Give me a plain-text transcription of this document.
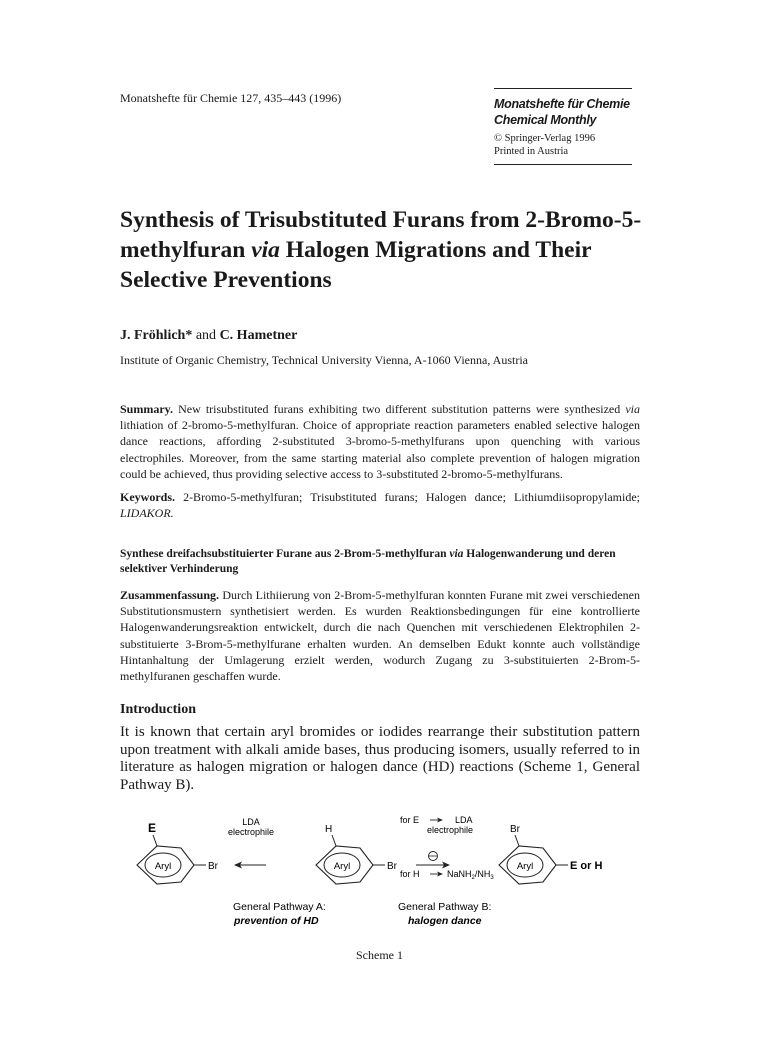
Monatshefte für Chemie 127, 435–443 (1996)	Monatshefte für Chemie
Chemical Monthly
© Springer-Verlag 1996
Printed in Austria
Synthesis of Trisubstituted Furans from 2-Bromo-5-methylfuran via Halogen Migrations and Their Selective Preventions
J. Fröhlich* and C. Hametner
Institute of Organic Chemistry, Technical University Vienna, A-1060 Vienna, Austria
Summary. New trisubstituted furans exhibiting two different substitution patterns were synthesized via lithiation of 2-bromo-5-methylfuran. Choice of appropriate reaction parameters enabled selective halogen dance reactions, affording 2-substituted 3-bromo-5-methylfurans upon quenching with various electrophiles. Moreover, from the same starting material also complete prevention of halogen migration could be achieved, thus providing selective access to 3-substituted 2-bromo-5-methylfurans.
Keywords. 2-Bromo-5-methylfuran; Trisubstituted furans; Halogen dance; Lithiumdiisopropylamide; LIDAKOR.
Synthese dreifachsubstituierter Furane aus 2-Brom-5-methylfuran via Halogenwanderung und deren selektiver Verhinderung
Zusammenfassung. Durch Lithiierung von 2-Brom-5-methylfuran konnten Furane mit zwei verschiedenen Substitutionsmustern synthetisiert werden. Es wurden Reaktionsbedingungen für eine kontrollierte Halogenwanderungsreaktion entwickelt, durch die nach Quenchen mit verschiedenen Elektrophilen 2-substituierte 3-Brom-5-methylfurane erhalten wurden. An demselben Edukt konnte auch vollständige Hintanhaltung der Umlagerung erzielt werden, wodurch Zugang zu 3-substituierten 2-Brom-5-methylfuranen geschaffen wurde.
Introduction
It is known that certain aryl bromides or iodides rearrange their substitution pattern upon treatment with alkali amide bases, thus producing isomers, usually referred to in literature as halogen migration or halogen dance (HD) reactions (Scheme 1, General Pathway B).
Aryl
E
Br
LDA
electrophile
Aryl
H
Br
for E	LDA
electrophile
for H	$NaNH_2/NH_3$
Aryl
Br
E or H
General Pathway A:
prevention of HD
General Pathway B:
halogen dance
Scheme 1
